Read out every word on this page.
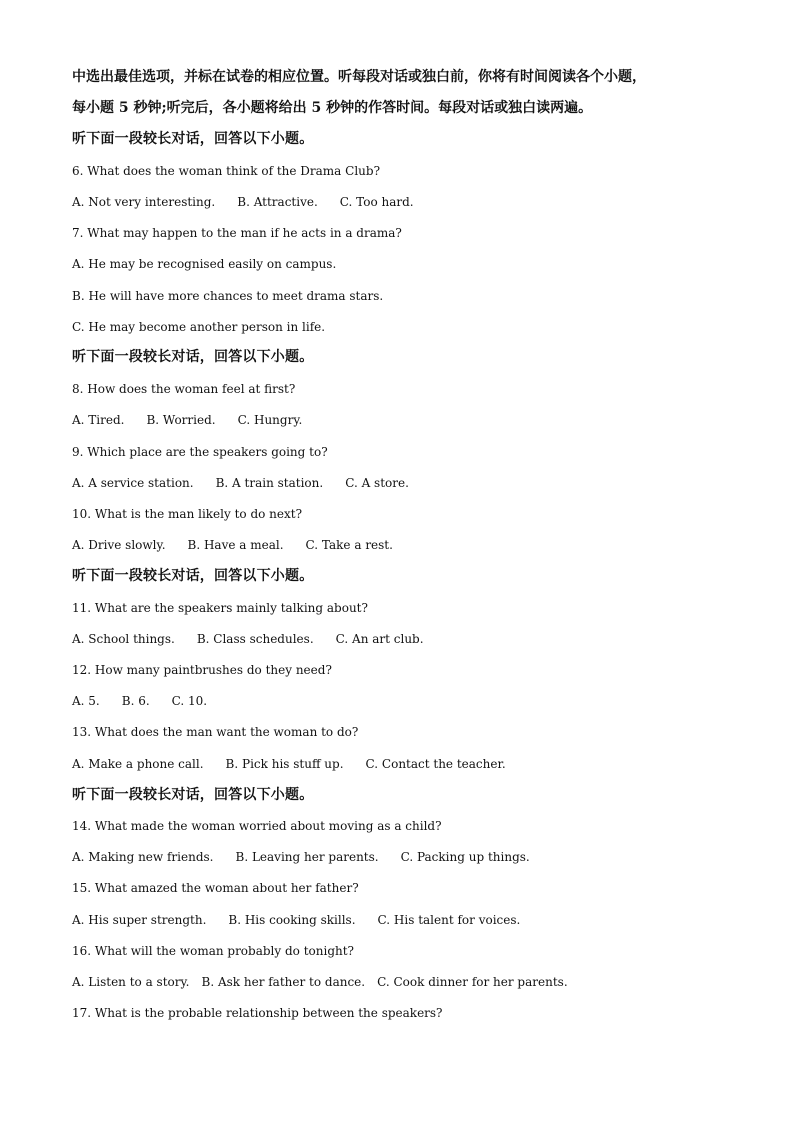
中选出最佳选项，并标在试卷的相应位置。听每段对话或独白前，你将有时间阅读各个小题，
每小题 5 秒钟;听完后，各小题将给出 5 秒钟的作答时间。每段对话或独白读两遍。
听下面一段较长对话，回答以下小题。
6. What does the woman think of the Drama Club?
A. Not very interesting. B. Attractive. C. Too hard.
7. What may happen to the man if he acts in a drama?
A. He may be recognised easily on campus.
B. He will have more chances to meet drama stars.
C. He may become another person in life.
听下面一段较长对话，回答以下小题。
8. How does the woman feel at first?
A. Tired. B. Worried. C. Hungry.
9. Which place are the speakers going to?
A. A service station. B. A train station. C. A store.
10. What is the man likely to do next?
A. Drive slowly. B. Have a meal. C. Take a rest.
听下面一段较长对话，回答以下小题。
11. What are the speakers mainly talking about?
A. School things. B. Class schedules. C. An art club.
12. How many paintbrushes do they need?
A. 5. B. 6. C. 10.
13. What does the man want the woman to do?
A. Make a phone call. B. Pick his stuff up. C. Contact the teacher.
听下面一段较长对话，回答以下小题。
14. What made the woman worried about moving as a child?
A. Making new friends. B. Leaving her parents. C. Packing up things.
15. What amazed the woman about her father?
A. His super strength. B. His cooking skills. C. His talent for voices.
16. What will the woman probably do tonight?
A. Listen to a story. B. Ask her father to dance. C. Cook dinner for her parents.
17. What is the probable relationship between the speakers?
